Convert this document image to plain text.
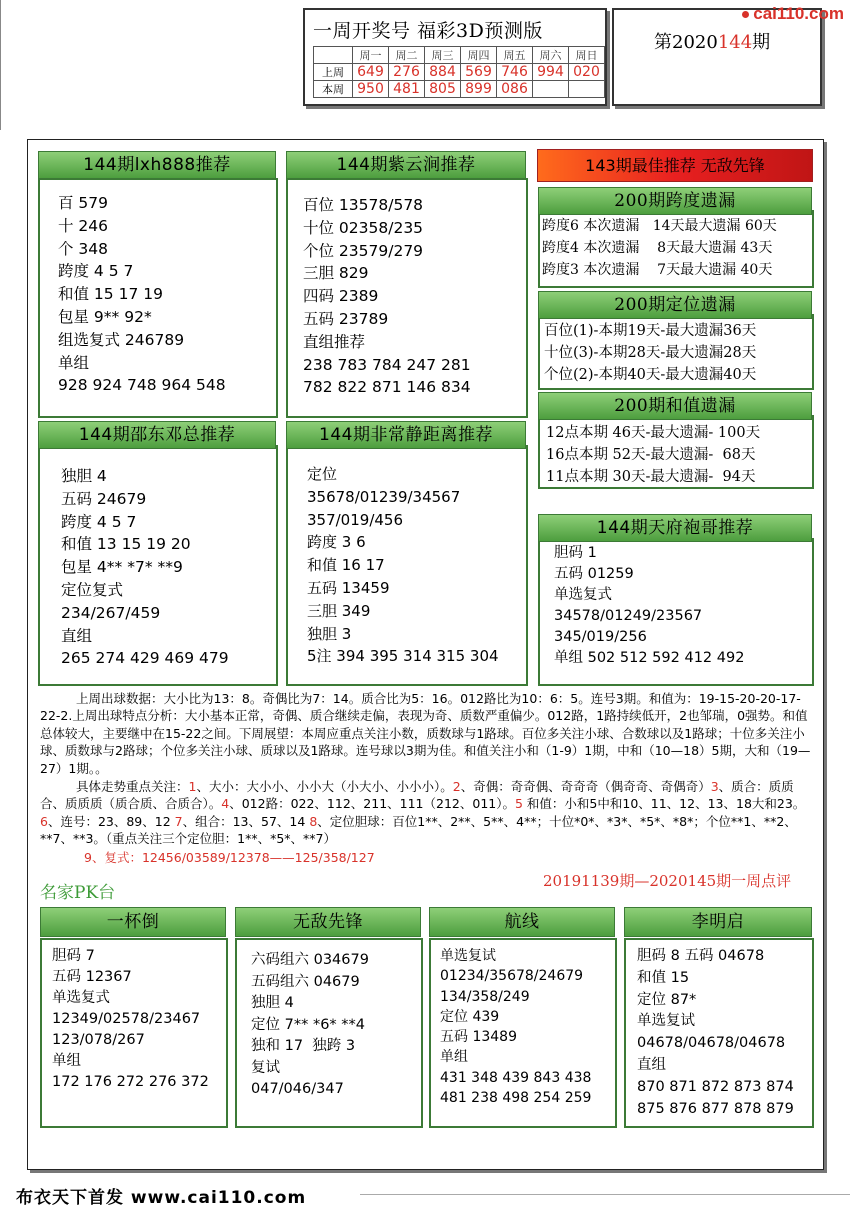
一周开奖号 福彩3D预测版
	周一	周二	周三	周四	周五	周六	周日
上周	649	276	884	569	746	994	020
本周	950	481	805	899	086		
第2020144期
cai110.com
百 579
十 246
个 348
跨度 4 5 7
和值 15 17 19
包星 9** 92*
组选复式 246789
单组
928 924 748 964 548
144期lxh888推荐
百位 13578/578
十位 02358/235
个位 23579/279
三胆 829
四码 2389
五码 23789
直组推荐
238 783 784 247 281
782 822 871 146 834
144期紫云涧推荐
独胆 4
五码 24679
跨度 4 5 7
和值 13 15 19 20
包星 4** *7* **9
定位复式
234/267/459
直组
265 274 429 469 479
144期邵东邓总推荐
定位
35678/01239/34567
357/019/456
跨度 3 6
和值 16 17
五码 13459
三胆 349
独胆 3
5注 394 395 314 315 304
144期非常静距离推荐
143期最佳推荐 无敌先锋
跨度6 本次遗漏   14天最大遗漏 60天
跨度4 本次遗漏    8天最大遗漏 43天
跨度3 本次遗漏    7天最大遗漏 40天
200期跨度遗漏
百位(1)-本期19天-最大遗漏36天
十位(3)-本期28天-最大遗漏28天
个位(2)-本期40天-最大遗漏40天
200期定位遗漏
12点本期 46天-最大遗漏- 100天
16点本期 52天-最大遗漏-  68天
11点本期 30天-最大遗漏-  94天
200期和值遗漏
胆码 1
五码 01259
单选复式
34578/01249/23567
345/019/256
单组 502 512 592 412 492
144期天府袍哥推荐
上周出球数据：大小比为13：8。奇偶比为7：14。质合比为5：16。012路比为10：6：5。连号3期。和值为：19-15-20-20-17-22-2.上周出球特点分析：大小基本正常，奇偶、质合继续走偏，表现为奇、质数严重偏少。012路，1路持续低开，2也邹瑞，0强势。和值总体较大，主要继中在15-22之间。下周展望：本周应重点关注小数，质数球与1路球。百位多关注小球、合数球以及1路球；十位多关注小球、质数球与2路球；个位多关注小球、质球以及1路球。连号球以3期为佳。和值关注小和（1-9）1期，中和（10—18）5期，大和（19—27）1期。。
具体走势重点关注：1、大小：大小小、小小大（小大小、小小小）。2、奇偶：奇奇偶、奇奇奇（偶奇奇、奇偶奇）3、质合：质质合、质质质（质合质、合质合）。4、012路：022、112、211、111（212、011）。5 和值：小和5中和10、11、12、13、18大和23。6、连号：23、89、12 7、组合：13、57、14 8、定位胆球：百位1**、2**、5**、4**；十位*0*、*3*、*5*、*8*；个位**1、**2、**7、**3。（重点关注三个定位胆：1**、*5*、**7）
9、复式：12456/03589/12378——125/358/127
名家PK台
20191139期—2020145期一周点评
胆码 7
五码 12367
单选复式
12349/02578/23467
123/078/267
单组
172 176 272 276 372
一杯倒
六码组六 034679
五码组六 04679
独胆 4
定位 7** *6* **4
独和 17  独跨 3
复试
047/046/347
无敌先锋
单选复试
01234/35678/24679
134/358/249
定位 439
五码 13489
单组
431 348 439 843 438
481 238 498 254 259
航线
胆码 8 五码 04678
和值 15
定位 87*
单选复试
04678/04678/04678
直组
870 871 872 873 874
875 876 877 878 879
李明启
布衣天下首发 www.cai110.com
